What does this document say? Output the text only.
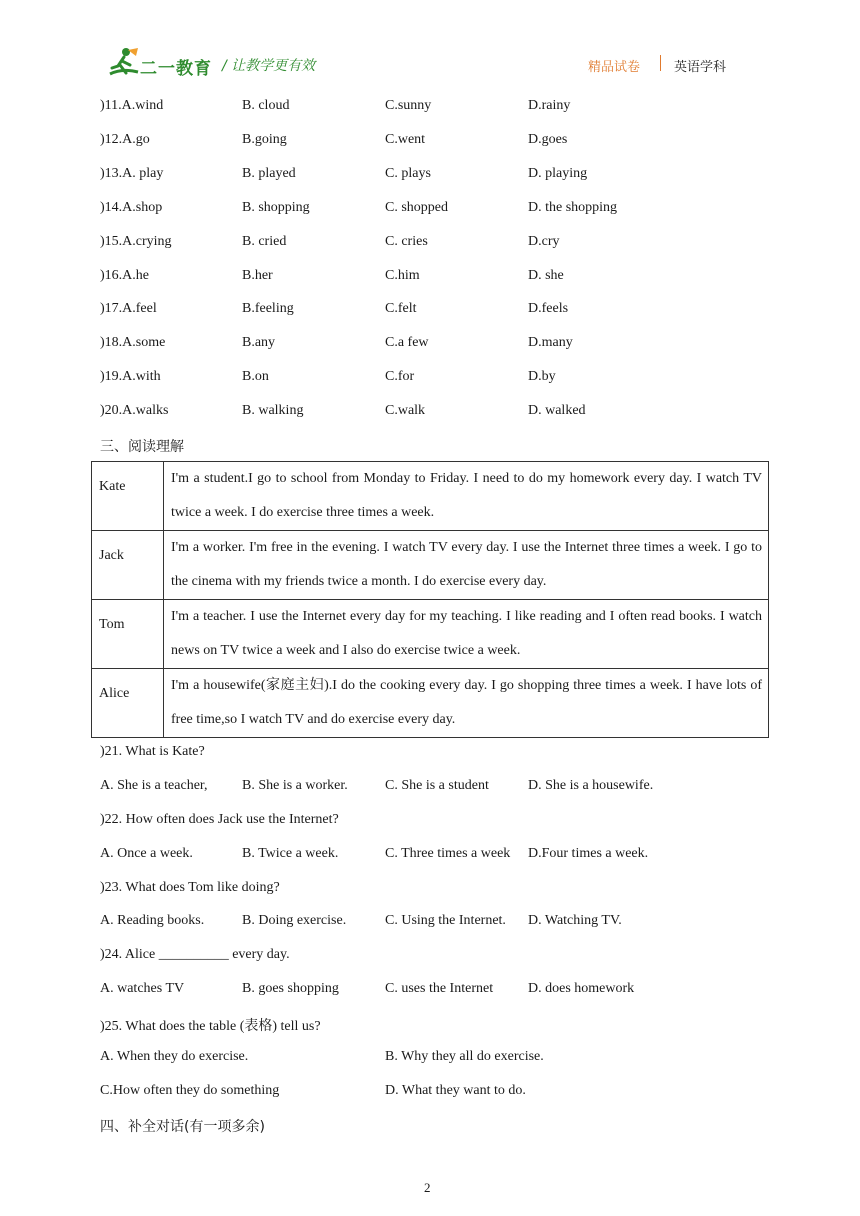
二一教育 / 让教学更有效	精品试卷	英语学科
)11.A.wind	B. cloud	C.sunny	D.rainy
)12.A.go	B.going	C.went	D.goes
)13.A. play	B. played	C. plays	D. playing
)14.A.shop	B. shopping	C. shopped	D. the shopping
)15.A.crying	B. cried	C. cries	D.cry
)16.A.he	B.her	C.him	D. she
)17.A.feel	B.feeling	C.felt	D.feels
)18.A.some	B.any	C.a few	D.many
)19.A.with	B.on	C.for	D.by
)20.A.walks	B. walking	C.walk	D. walked
三、阅读理解
Kate	I'm a student.I go to school from Monday to Friday. I need to do my homework every day. I watch TV twice a week. I do exercise three times a week.
Jack	I'm a worker. I'm free in the evening. I watch TV every day. I use the Internet three times a week. I go to the cinema with my friends twice a month. I do exercise every day.
Tom	I'm a teacher. I use the Internet every day for my teaching. I like reading and I often read books. I watch news on TV twice a week and I also do exercise twice a week.
Alice	I'm a housewife(家庭主妇).I do the cooking every day. I go shopping three times a week. I have lots of free time,so I watch TV and do exercise every day.
)21. What is Kate?
A. She is a teacher, B. She is a worker.	C. She is a student	D. She is a housewife.
)22. How often does Jack use the Internet?
A. Once a week.	B. Twice a week.	C. Three times a week D.Four times a week.
)23. What does Tom like doing?
A. Reading books.	B. Doing exercise.	C. Using the Internet. D. Watching TV.
)24. Alice __________ every day.
A. watches TV	B. goes shopping	C. uses the Internet D. does homework
)25. What does the table (表格) tell us?
A. When they do exercise.	B. Why they all do exercise.
C.How often they do something	D. What they want to do.
四、补全对话(有一项多余)
2
